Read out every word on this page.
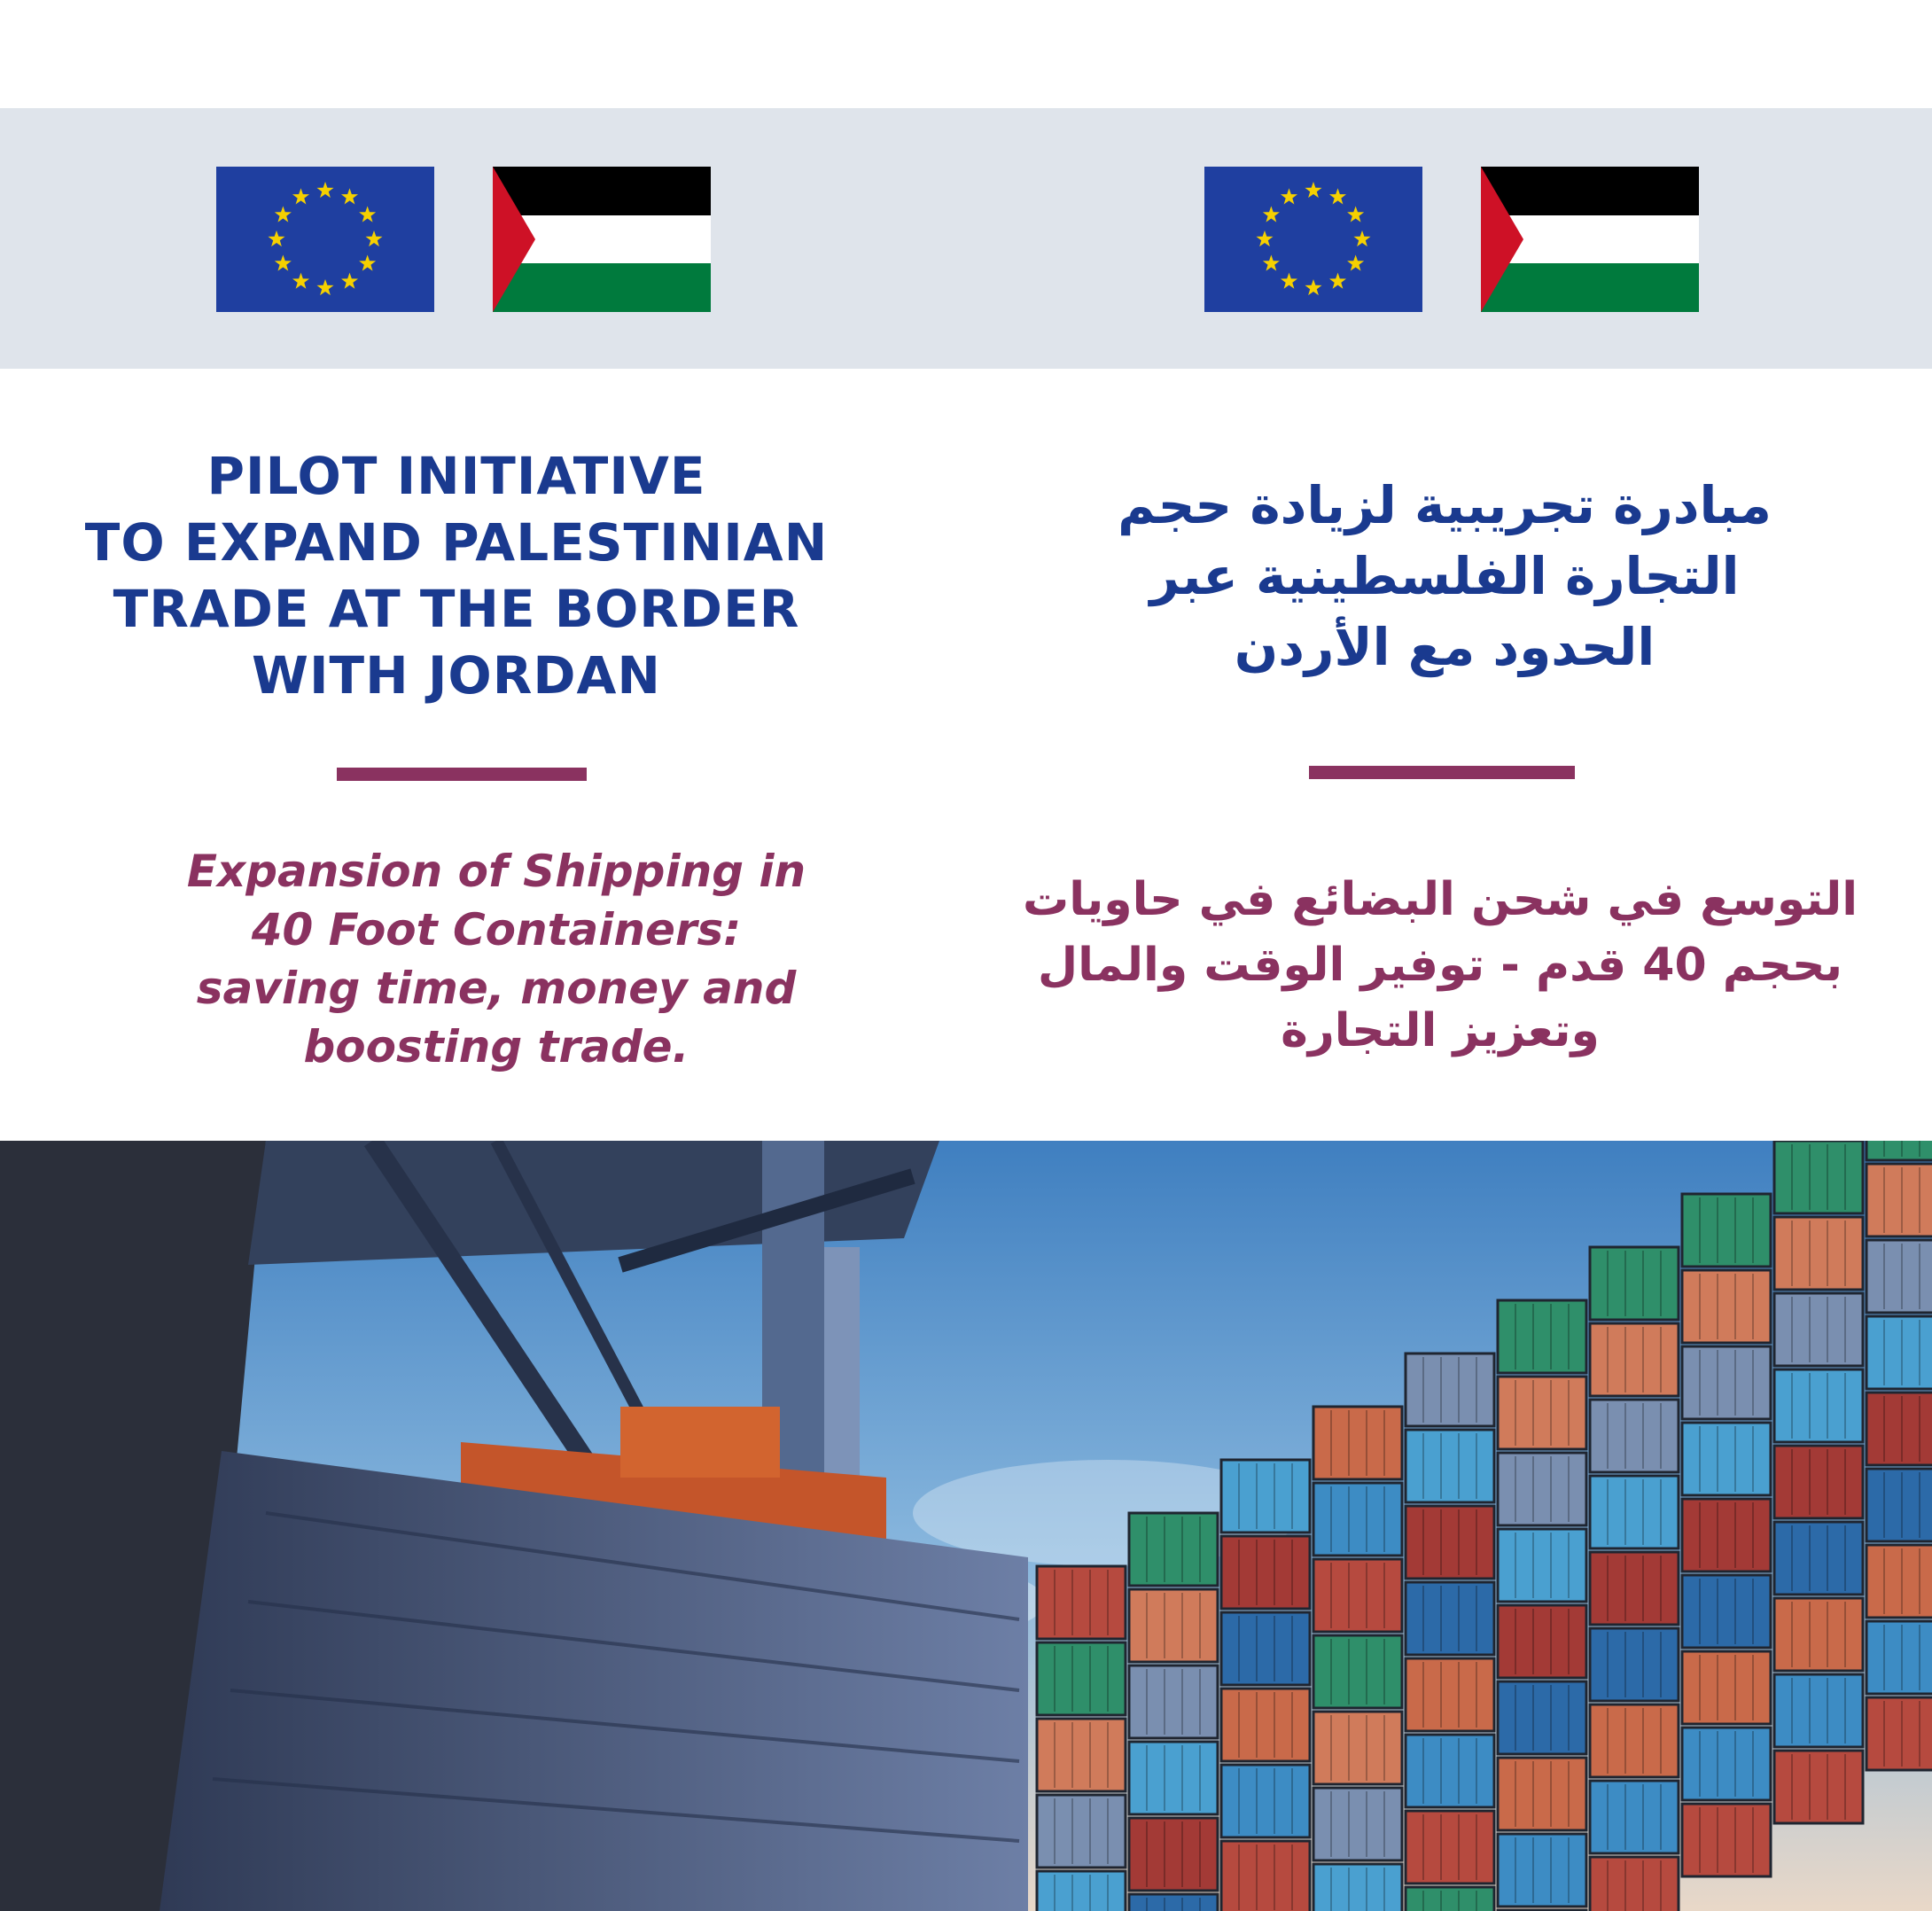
PILOT INITIATIVE
TO EXPAND PALESTINIAN
TRADE AT THE BORDER
WITH JORDAN
Expansion of Shipping in
40 Foot Containers:
saving time, money and
boosting trade.
مبادرة تجريبية لزيادة حجم
التجارة الفلسطينية عبر
الحدود مع الأردن
التوسع في شحن البضائع في حاويات
بحجم 40 قدم - توفير الوقت والمال
وتعزيز التجارة
